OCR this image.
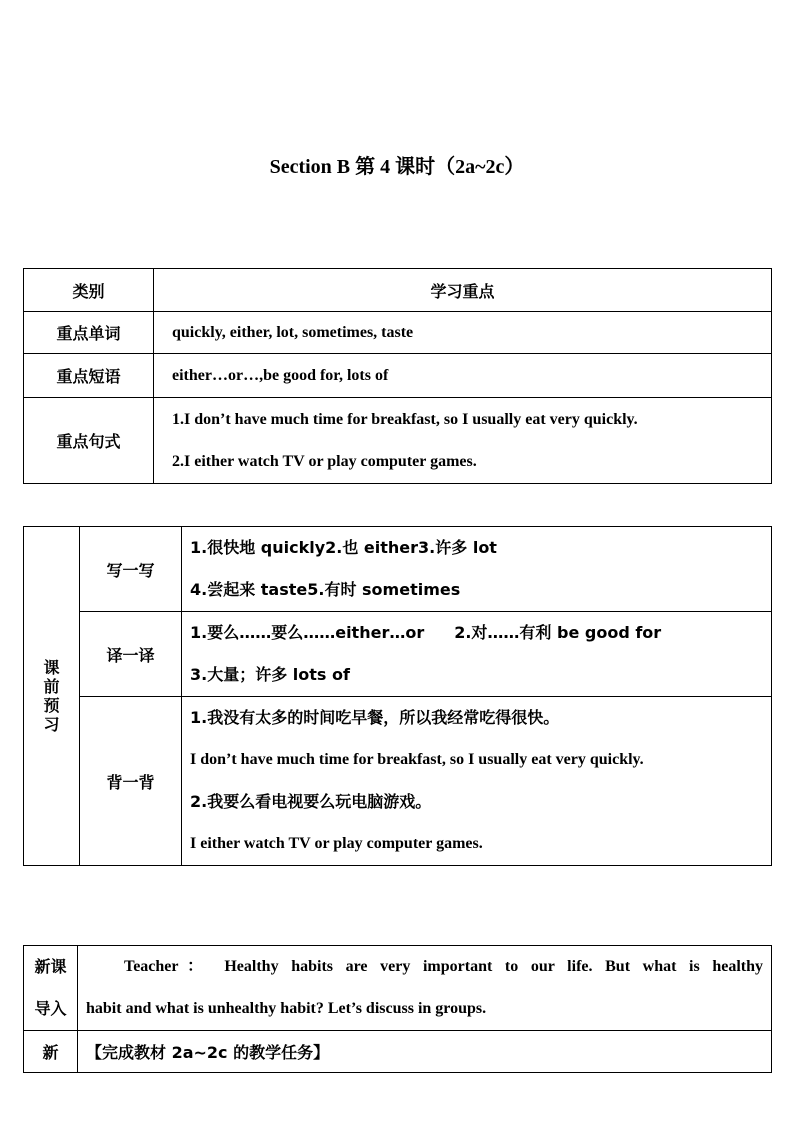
Section B 第 4 课时（2a~2c）
类别	学习重点
重点单词	quickly, either, lot, sometimes, taste
重点短语	either…or…,be good for, lots of
重点句式	1.I don’t have much time for breakfast, so I usually eat very quickly.
2.I either watch TV or play computer games.
课前预习	写一写	1.很快地 quickly2.也 either3.许多 lot
4.尝起来 taste5.有时 sometimes

	译一译	1.要么……要么……either…or 2.对……有利 be good for
3.大量；许多 lots of

	背一背	1.我没有太多的时间吃早餐，所以我经常吃得很快。
I don’t have much time for breakfast, so I usually eat very quickly.
2.我要么看电视要么玩电脑游戏。
I either watch TV or play computer games.
新课
导入	Teacher： Healthy habits are very important to our life. But what is healthy
habit and what is unhealthy habit? Let’s discuss in groups.

新	【完成教材 2a~2c 的教学任务】
